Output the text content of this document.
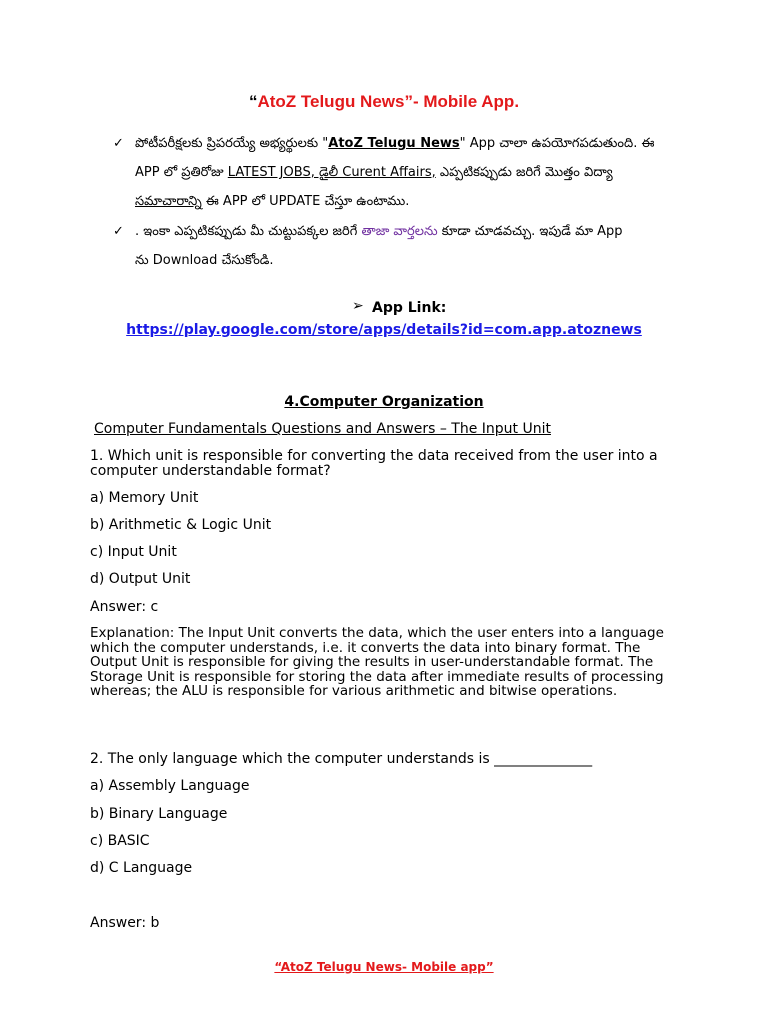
“AtoZ Telugu News”- Mobile App.
✓ పోటీపరీక్షలకు ప్రిపరయ్యే అభ్యర్థులకు "AtoZ Telugu News" App చాలా ఉపయోగపడుతుంది. ఈ
APP లో ప్రతిరోజు LATEST JOBS, డైలీ Curent Affairs, ఎప్పటికప్పుడు జరిగే మొత్తం విద్యా
సమాచారాన్ని ఈ APP లో UPDATE చేస్తూ ఉంటాము.
✓ . ఇంకా ఎప్పటికప్పుడు మీ చుట్టుపక్కల జరిగే తాజా వార్తలను కూడా చూడవచ్చు. ఇపుడే మా App
ను Download చేసుకోండి.
➢ App Link:
https://play.google.com/store/apps/details?id=com.app.atoznews
4.Computer Organization
Computer Fundamentals Questions and Answers – The Input Unit
1. Which unit is responsible for converting the data received from the user into a computer understandable format?
a) Memory Unit
b) Arithmetic & Logic Unit
c) Input Unit
d) Output Unit
Answer: c
Explanation: The Input Unit converts the data, which the user enters into a language which the computer understands, i.e. it converts the data into binary format. The Output Unit is responsible for giving the results in user-understandable format. The Storage Unit is responsible for storing the data after immediate results of processing whereas; the ALU is responsible for various arithmetic and bitwise operations.
2. The only language which the computer understands is ______________
a) Assembly Language
b) Binary Language
c) BASIC
d) C Language
Answer: b
“AtoZ Telugu News- Mobile app”
